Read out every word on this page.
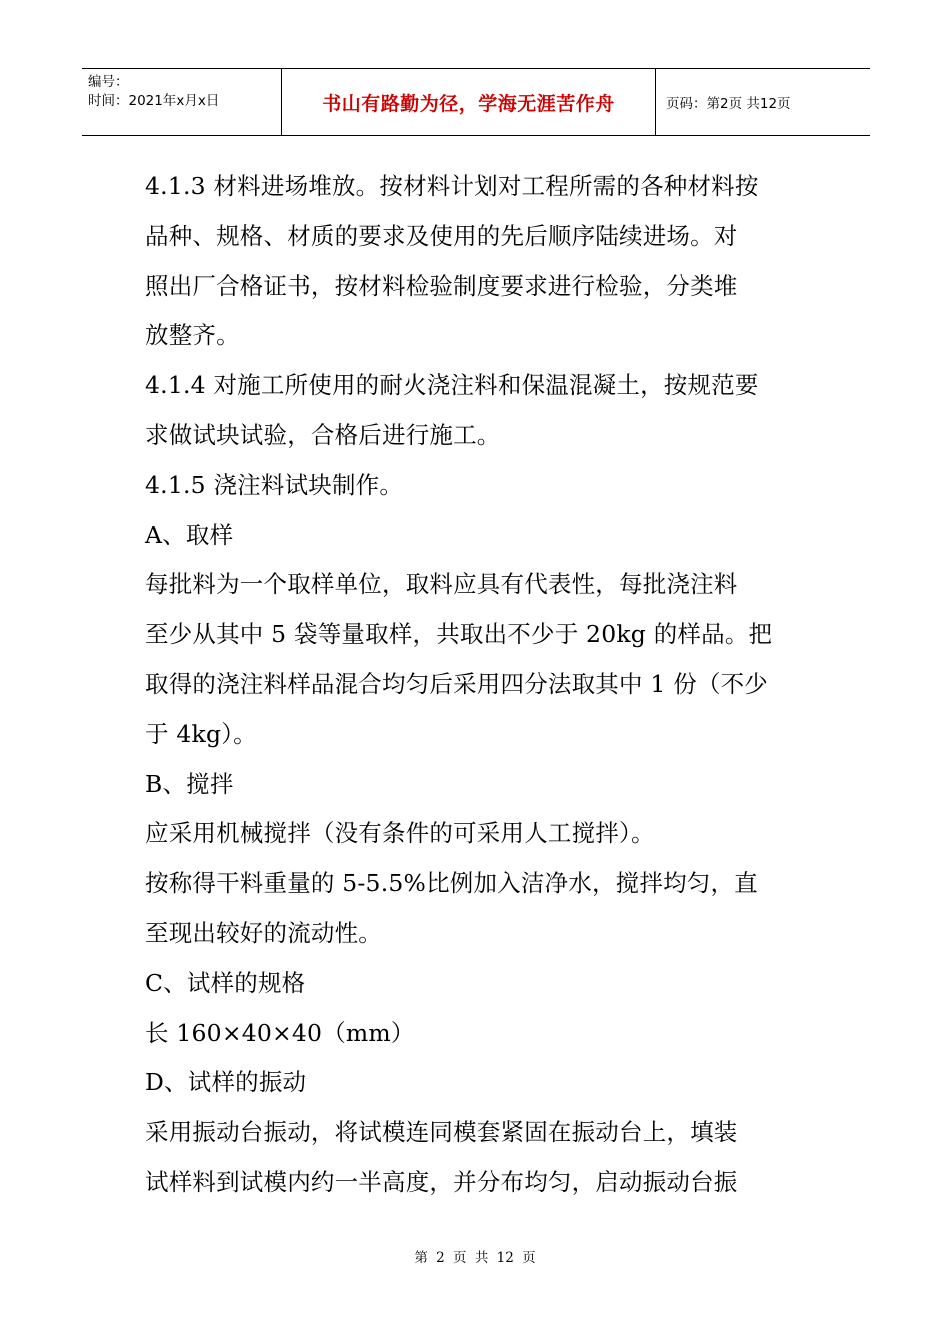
编号：
时间：2021年x月x日	书山有路勤为径，学海无涯苦作舟	页码：第2页 共12页
4.1.3 材料进场堆放。按材料计划对工程所需的各种材料按
品种、规格、材质的要求及使用的先后顺序陆续进场。对
照出厂合格证书，按材料检验制度要求进行检验，分类堆
放整齐。
4.1.4 对施工所使用的耐火浇注料和保温混凝土，按规范要
求做试块试验，合格后进行施工。
4.1.5 浇注料试块制作。
A、取样
每批料为一个取样单位，取料应具有代表性，每批浇注料
至少从其中 5 袋等量取样，共取出不少于 20kg 的样品。把
取得的浇注料样品混合均匀后采用四分法取其中 1 份（不少
于 4kg）。
B、搅拌
应采用机械搅拌（没有条件的可采用人工搅拌）。
按称得干料重量的 5-5.5%比例加入洁净水，搅拌均匀，直
至现出较好的流动性。
C、试样的规格
长 160×40×40（mm）
D、试样的振动
采用振动台振动，将试模连同模套紧固在振动台上，填装
试样料到试模内约一半高度，并分布均匀，启动振动台振
第 2 页 共 12 页
